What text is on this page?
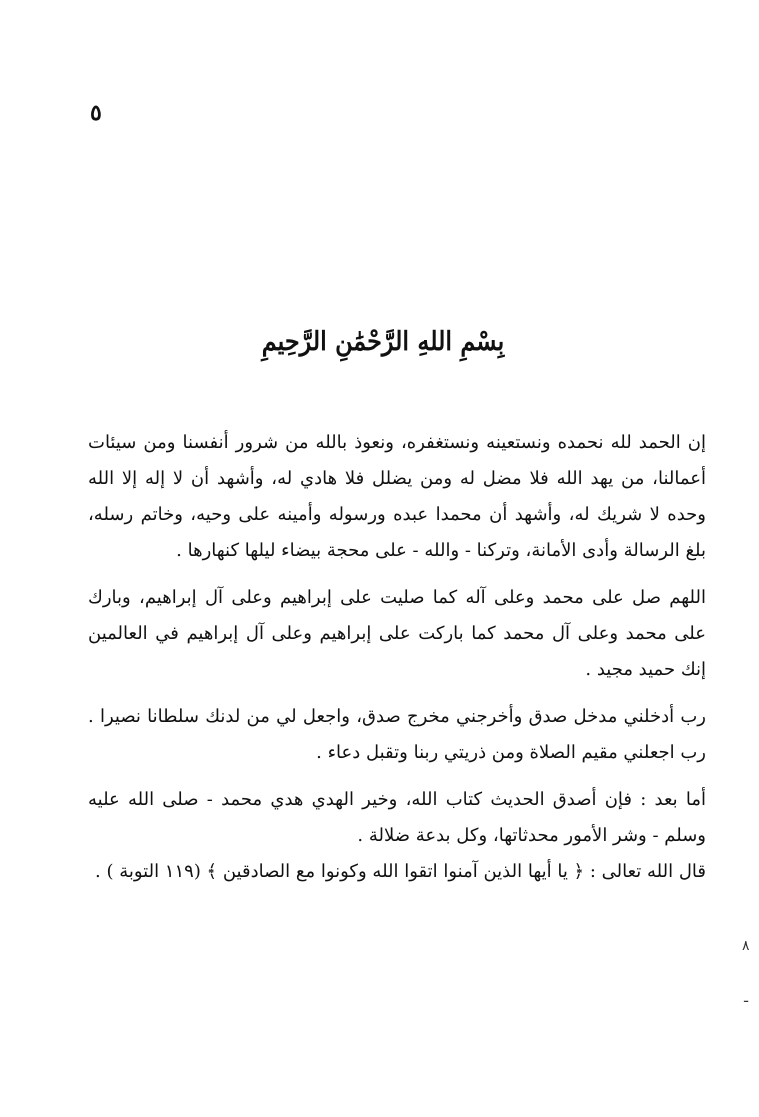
٥
بِسْمِ اللهِ الرَّحْمَٰنِ الرَّحِيمِ

إن الحمد لله نحمده ونستعينه ونستغفره، ونعوذ بالله من شرور أنفسنا ومن سيئات أعمالنا، من يهد الله فلا مضل له ومن يضلل فلا هادي له، وأشهد أن لا إله إلا الله وحده لا شريك له، وأشهد أن محمدا عبده ورسوله وأمينه على وحيه، وخاتم رسله، بلغ الرسالة وأدى الأمانة، وتركنا - والله - على محجة بيضاء ليلها كنهارها .

اللهم صل على محمد وعلى آله كما صليت على إبراهيم وعلى آل إبراهيم، وبارك على محمد وعلى آل محمد كما باركت على إبراهيم وعلى آل إبراهيم في العالمين إنك حميد مجيد .

رب أدخلني مدخل صدق وأخرجني مخرج صدق، واجعل لي من لدنك سلطانا نصيرا . رب اجعلني مقيم الصلاة ومن ذريتي ربنا وتقبل دعاء .

أما بعد : فإن أصدق الحديث كتاب الله، وخير الهدي هدي محمد - صلى الله عليه وسلم - وشر الأمور محدثاتها، وكل بدعة ضلالة .

قال الله تعالى : ﴿ يا أيها الذين آمنوا اتقوا الله وكونوا مع الصادقين ﴾ (١١٩ التوبة ) .

٨
ـ
